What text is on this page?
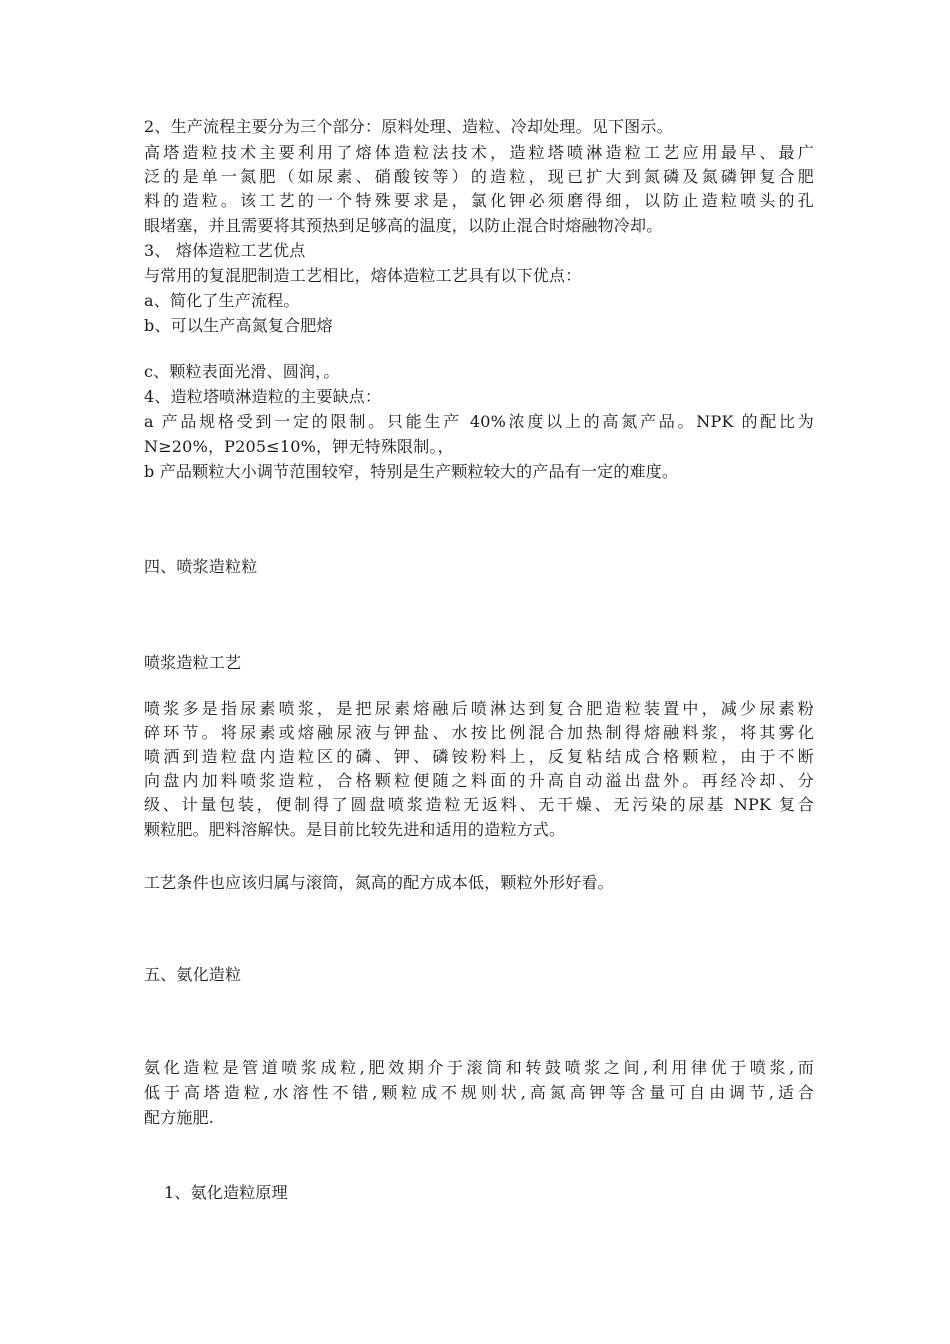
2、生产流程主要分为三个部分：原料处理、造粒、冷却处理。见下图示。

高塔造粒技术主要利用了熔体造粒法技术，造粒塔喷淋造粒工艺应用最早、最广

泛的是单一氮肥（如尿素、硝酸铵等）的造粒，现已扩大到氮磷及氮磷钾复合肥

料的造粒。该工艺的一个特殊要求是，氯化钾必须磨得细，以防止造粒喷头的孔

眼堵塞，并且需要将其预热到足够高的温度，以防止混合时熔融物冷却。

3、 熔体造粒工艺优点

与常用的复混肥制造工艺相比，熔体造粒工艺具有以下优点：

a、简化了生产流程。

b、可以生产高氮复合肥熔

c、颗粒表面光滑、圆润，。

4、造粒塔喷淋造粒的主要缺点：

a 产品规格受到一定的限制。只能生产 40%浓度以上的高氮产品。NPK 的配比为

N≥20%，P205≤10%，钾无特殊限制。，

b 产品颗粒大小调节范围较窄，特别是生产颗粒较大的产品有一定的难度。

四、喷浆造粒粒

喷浆造粒工艺

喷浆多是指尿素喷浆，是把尿素熔融后喷淋达到复合肥造粒装置中，减少尿素粉

碎环节。将尿素或熔融尿液与钾盐、水按比例混合加热制得熔融料浆，将其雾化

喷洒到造粒盘内造粒区的磷、钾、磷铵粉料上，反复粘结成合格颗粒，由于不断

向盘内加料喷浆造粒，合格颗粒便随之料面的升高自动溢出盘外。再经冷却、分

级、计量包装，便制得了圆盘喷浆造粒无返料、无干燥、无污染的尿基 NPK 复合

颗粒肥。肥料溶解快。是目前比较先进和适用的造粒方式。

工艺条件也应该归属与滚筒，氮高的配方成本低，颗粒外形好看。

五、氨化造粒

氨化造粒是管道喷浆成粒,肥效期介于滚筒和转鼓喷浆之间,利用律优于喷浆,而

低于高塔造粒,水溶性不错,颗粒成不规则状,高氮高钾等含量可自由调节,适合

配方施肥.

1、氨化造粒原理
